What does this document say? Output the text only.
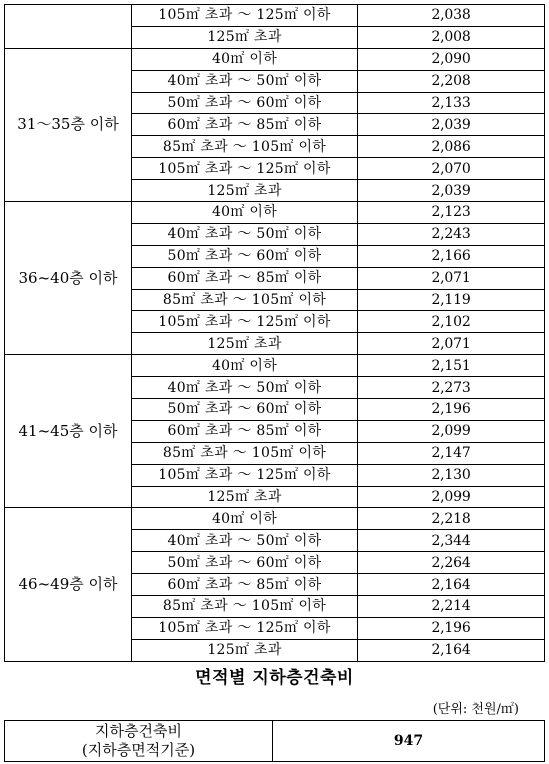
	105㎡ 초과 ～ 125㎡ 이하	2,038
	125㎡ 초과	2,008
31～35층 이하	40㎡ 이하	2,090
	40㎡ 초과 ～ 50㎡ 이하	2,208
	50㎡ 초과 ～ 60㎡ 이하	2,133
	60㎡ 초과 ～ 85㎡ 이하	2,039
	85㎡ 초과 ～ 105㎡ 이하	2,086
	105㎡ 초과 ～ 125㎡ 이하	2,070
	125㎡ 초과	2,039
36~40층 이하	40㎡ 이하	2,123
	40㎡ 초과 ～ 50㎡ 이하	2,243
	50㎡ 초과 ～ 60㎡ 이하	2,166
	60㎡ 초과 ～ 85㎡ 이하	2,071
	85㎡ 초과 ～ 105㎡ 이하	2,119
	105㎡ 초과 ～ 125㎡ 이하	2,102
	125㎡ 초과	2,071
41~45층 이하	40㎡ 이하	2,151
	40㎡ 초과 ～ 50㎡ 이하	2,273
	50㎡ 초과 ～ 60㎡ 이하	2,196
	60㎡ 초과 ～ 85㎡ 이하	2,099
	85㎡ 초과 ～ 105㎡ 이하	2,147
	105㎡ 초과 ～ 125㎡ 이하	2,130
	125㎡ 초과	2,099
46~49층 이하	40㎡ 이하	2,218
	40㎡ 초과 ～ 50㎡ 이하	2,344
	50㎡ 초과 ～ 60㎡ 이하	2,264
	60㎡ 초과 ～ 85㎡ 이하	2,164
	85㎡ 초과 ～ 105㎡ 이하	2,214
	105㎡ 초과 ～ 125㎡ 이하	2,196
	125㎡ 초과	2,164
면적별 지하층건축비
(단위: 천원/㎡)
지하층건축비
(지하층면적기준)	947
